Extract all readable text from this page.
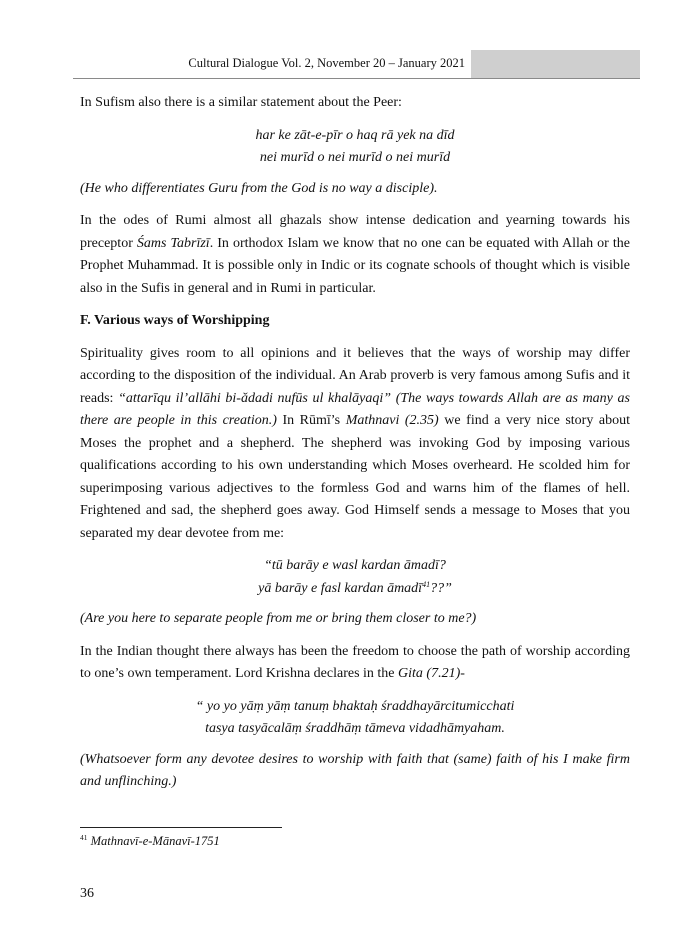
Cultural Dialogue Vol. 2, November 20 – January 2021

In Sufism also there is a similar statement about the Peer:

har ke zāt-e-pīr o haq rā yek na dīd
nei murīd o nei murīd o nei murīd

(He who differentiates Guru from the God is no way a disciple).

In the odes of Rumi almost all ghazals show intense dedication and yearning towards his preceptor Śams Tabrīzī. In orthodox Islam we know that no one can be equated with Allah or the Prophet Muhammad. It is possible only in Indic or its cognate schools of thought which is visible also in the Sufis in general and in Rumi in particular.

F. Various ways of Worshipping

Spirituality gives room to all opinions and it believes that the ways of worship may differ according to the disposition of the individual. An Arab proverb is very famous among Sufis and it reads: “attarīqu il’allāhi bi-ădadi nufūs ul khalāyaqi” (The ways towards Allah are as many as there are people in this creation.) In Rūmī’s Mathnavi (2.35) we find a very nice story about Moses the prophet and a shepherd. The shepherd was invoking God by imposing various qualifications according to his own understanding which Moses overheard. He scolded him for superimposing various adjectives to the formless God and warns him of the flames of hell. Frightened and sad, the shepherd goes away. God Himself sends a message to Moses that you separated my dear devotee from me:

“tū barāy e wasl kardan āmadī?
yā barāy e fasl kardan āmadī$^{41}$??”

(Are you here to separate people from me or bring them closer to me?)

In the Indian thought there always has been the freedom to choose the path of worship according to one’s own temperament. Lord Krishna declares in the Gita (7.21)-

“ yo yo yāṃ yāṃ tanuṃ bhaktaḥ śraddhayārcitumicchati
tasya tasyācalāṃ śraddhāṃ tāmeva vidadhāmyaham.

(Whatsoever form any devotee desires to worship with faith that (same) faith of his I make firm and unflinching.)

$^{41}$ Mathnavī-e-Mānavī-1751
36
